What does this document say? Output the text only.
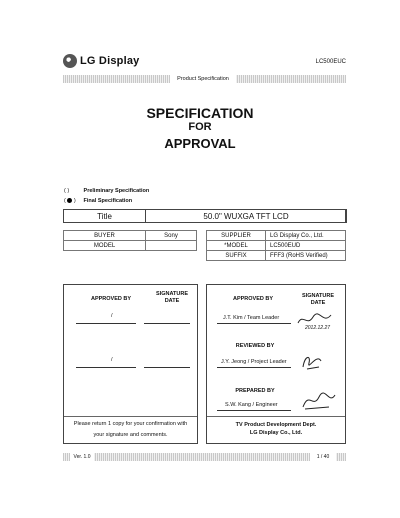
LG Display	LC500EUC
Product Specification
SPECIFICATION
FOR
APPROVAL
( )	Preliminary Specification
( ) Final Specification
Title	50.0" WUXGA TFT LCD
BUYER	Sony
MODEL
SUPPLIER	LG Display Co., Ltd.
*MODEL	LC500EUD
SUFFIX	FFF3 (RoHS Verified)
APPROVED BY
SIGNATURE
DATE
/
/
Please return 1 copy for your confirmation with
your signature and comments.
APPROVED BY	SIGNATURE
DATE
J.T. Kim / Team Leader
2012.12.27
REVIEWED BY
J.Y. Jeong / Project Leader
PREPARED BY
S.W. Kang / Engineer
TV Product Development Dept.
LG Display Co., Ltd.
Ver. 1.0	1 / 40
